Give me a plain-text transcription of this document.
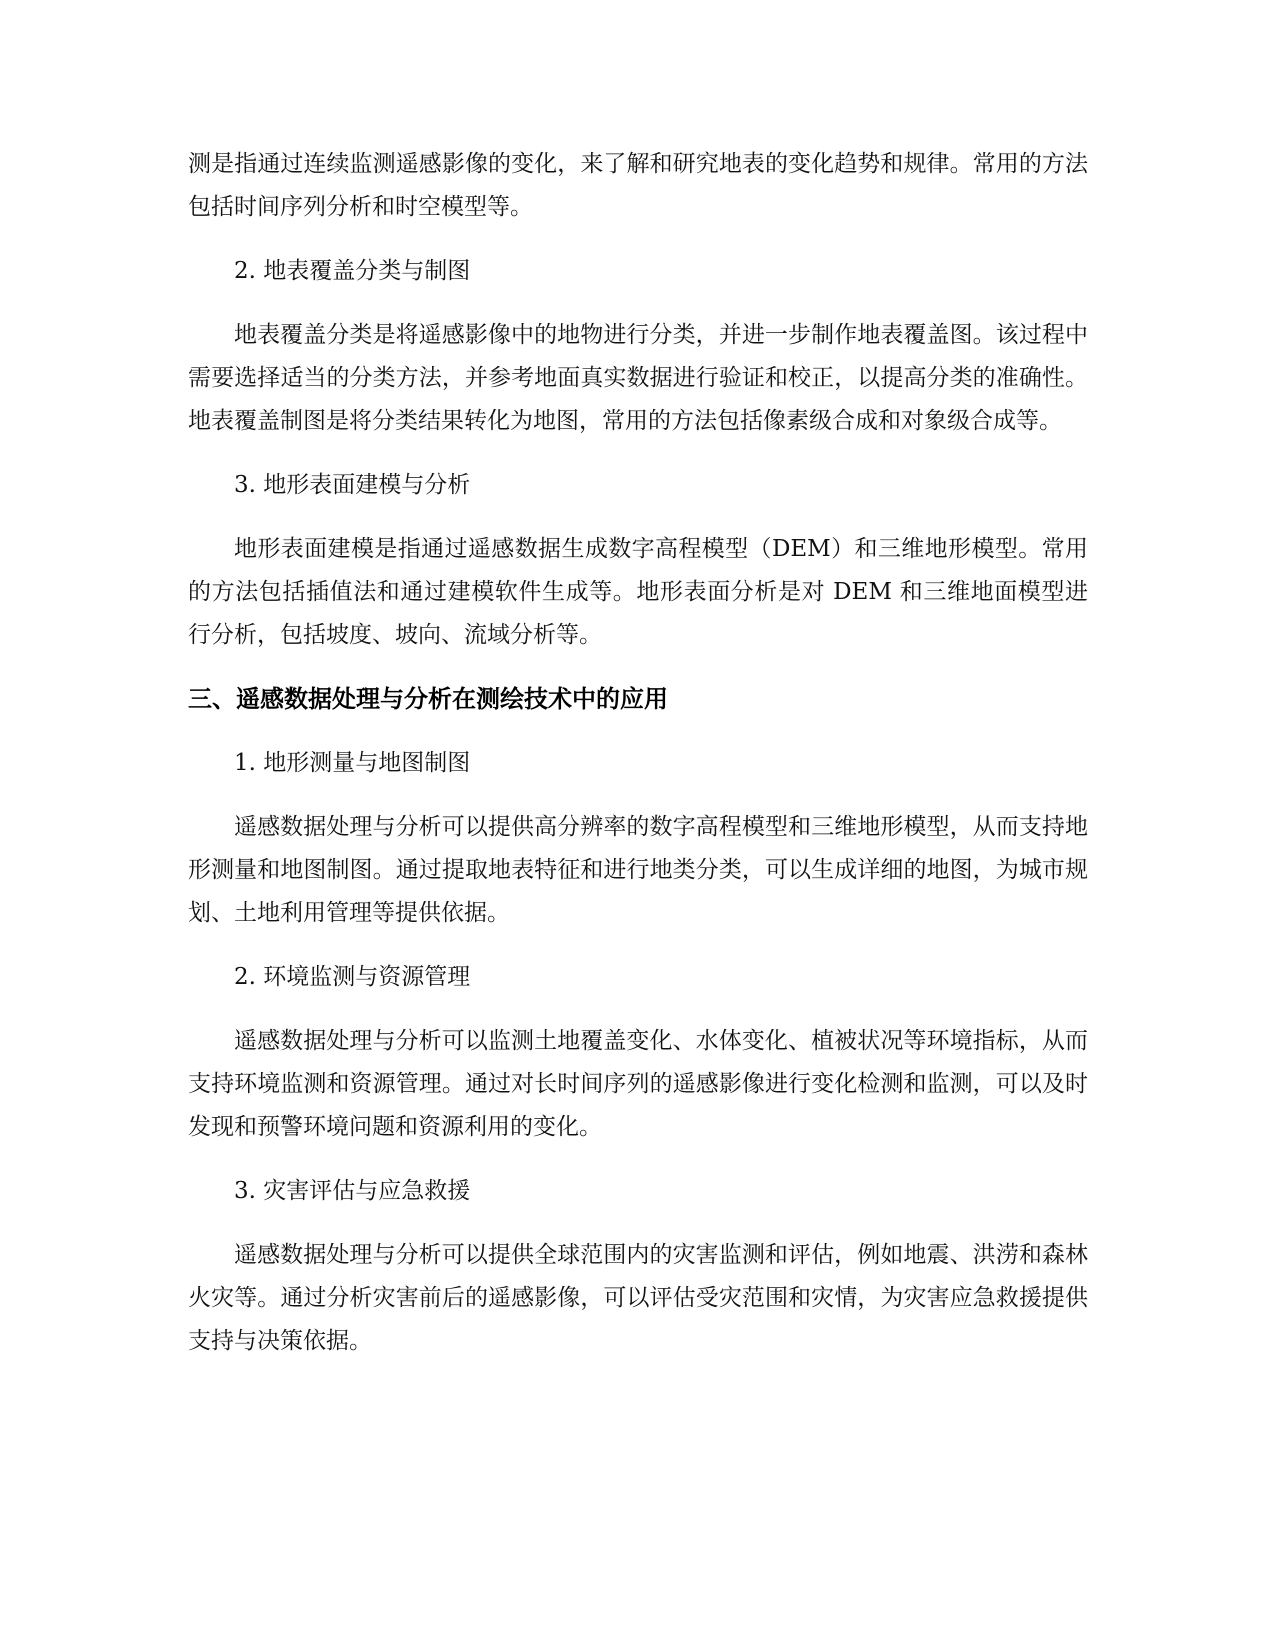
测是指通过连续监测遥感影像的变化，来了解和研究地表的变化趋势和规律。常用的方法包括时间序列分析和时空模型等。

2. 地表覆盖分类与制图

地表覆盖分类是将遥感影像中的地物进行分类，并进一步制作地表覆盖图。该过程中需要选择适当的分类方法，并参考地面真实数据进行验证和校正，以提高分类的准确性。地表覆盖制图是将分类结果转化为地图，常用的方法包括像素级合成和对象级合成等。

3. 地形表面建模与分析

地形表面建模是指通过遥感数据生成数字高程模型（DEM）和三维地形模型。常用的方法包括插值法和通过建模软件生成等。地形表面分析是对 DEM 和三维地面模型进行分析，包括坡度、坡向、流域分析等。

三、遥感数据处理与分析在测绘技术中的应用

1. 地形测量与地图制图

遥感数据处理与分析可以提供高分辨率的数字高程模型和三维地形模型，从而支持地形测量和地图制图。通过提取地表特征和进行地类分类，可以生成详细的地图，为城市规划、土地利用管理等提供依据。

2. 环境监测与资源管理

遥感数据处理与分析可以监测土地覆盖变化、水体变化、植被状况等环境指标，从而支持环境监测和资源管理。通过对长时间序列的遥感影像进行变化检测和监测，可以及时发现和预警环境问题和资源利用的变化。

3. 灾害评估与应急救援

遥感数据处理与分析可以提供全球范围内的灾害监测和评估，例如地震、洪涝和森林火灾等。通过分析灾害前后的遥感影像，可以评估受灾范围和灾情，为灾害应急救援提供支持与决策依据。
